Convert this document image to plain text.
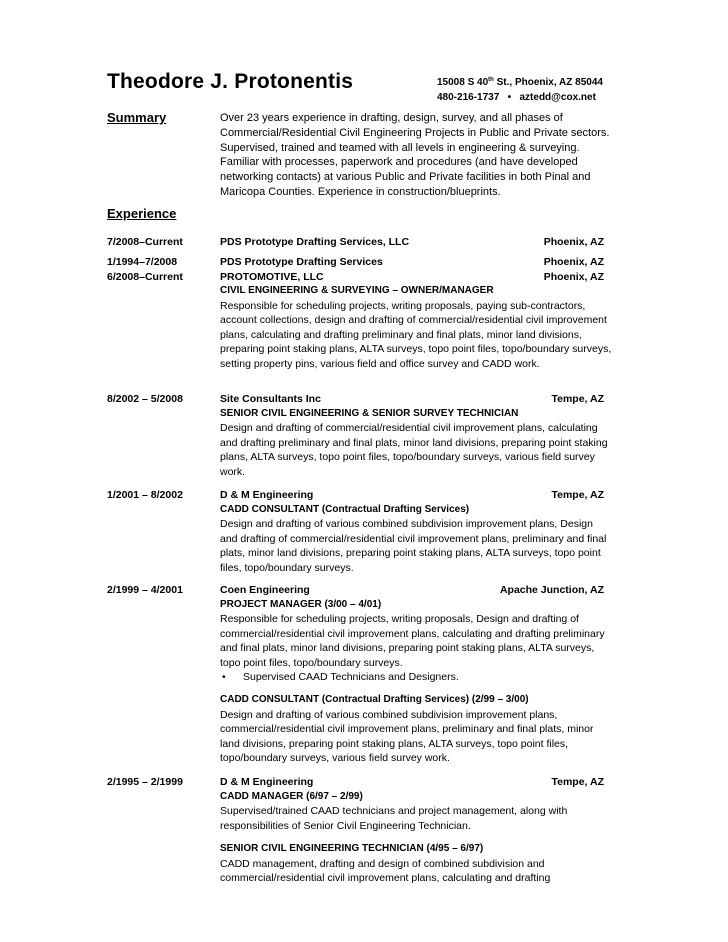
Theodore J. Protonentis	15008 S 40th St., Phoenix, AZ 85044
480-216-1737 • aztedd@cox.net
Summary	Over 23 years experience in drafting, design, survey, and all phases of Commercial/Residential Civil Engineering Projects in Public and Private sectors. Supervised, trained and teamed with all levels in engineering & surveying. Familiar with processes, paperwork and procedures (and have developed networking contacts) at various Public and Private facilities in both Pinal and Maricopa Counties. Experience in construction/blueprints.
Experience
7/2008–Current	PDS Prototype Drafting Services, LLC	Phoenix, AZ
1/1994–7/2008	PDS Prototype Drafting Services	Phoenix, AZ
6/2008–Current	PROTOMOTIVE, LLC	Phoenix, AZ
CIVIL ENGINEERING & SURVEYING – OWNER/MANAGER
Responsible for scheduling projects, writing proposals, paying sub-contractors, account collections, design and drafting of commercial/residential civil improvement plans, calculating and drafting preliminary and final plats, minor land divisions, preparing point staking plans, ALTA surveys, topo point files, topo/boundary surveys, setting property pins, various field and office survey and CADD work.
8/2002 – 5/2008	Site Consultants Inc	Tempe, AZ
SENIOR CIVIL ENGINEERING & SENIOR SURVEY TECHNICIAN
Design and drafting of commercial/residential civil improvement plans, calculating and drafting preliminary and final plats, minor land divisions, preparing point staking plans, ALTA surveys, topo point files, topo/boundary surveys, various field survey work.
1/2001 – 8/2002	D & M Engineering	Tempe, AZ
CADD CONSULTANT (Contractual Drafting Services)
Design and drafting of various combined subdivision improvement plans, Design and drafting of commercial/residential civil improvement plans, preliminary and final plats, minor land divisions, preparing point staking plans, ALTA surveys, topo point files, topo/boundary surveys.
2/1999 – 4/2001	Coen Engineering	Apache Junction, AZ
PROJECT MANAGER (3/00 – 4/01)
Responsible for scheduling projects, writing proposals, Design and drafting of commercial/residential civil improvement plans, calculating and drafting preliminary and final plats, minor land divisions, preparing point staking plans, ALTA surveys, topo point files, topo/boundary surveys.
• Supervised CAAD Technicians and Designers.
CADD CONSULTANT (Contractual Drafting Services) (2/99 – 3/00)
Design and drafting of various combined subdivision improvement plans, commercial/residential civil improvement plans, preliminary and final plats, minor land divisions, preparing point staking plans, ALTA surveys, topo point files, topo/boundary surveys, various field survey work.
2/1995 – 2/1999	D & M Engineering	Tempe, AZ
CADD MANAGER (6/97 – 2/99)
Supervised/trained CAAD technicians and project management, along with responsibilities of Senior Civil Engineering Technician.
SENIOR CIVIL ENGINEERING TECHNICIAN (4/95 – 6/97)
CADD management, drafting and design of combined subdivision and commercial/residential civil improvement plans, calculating and drafting
